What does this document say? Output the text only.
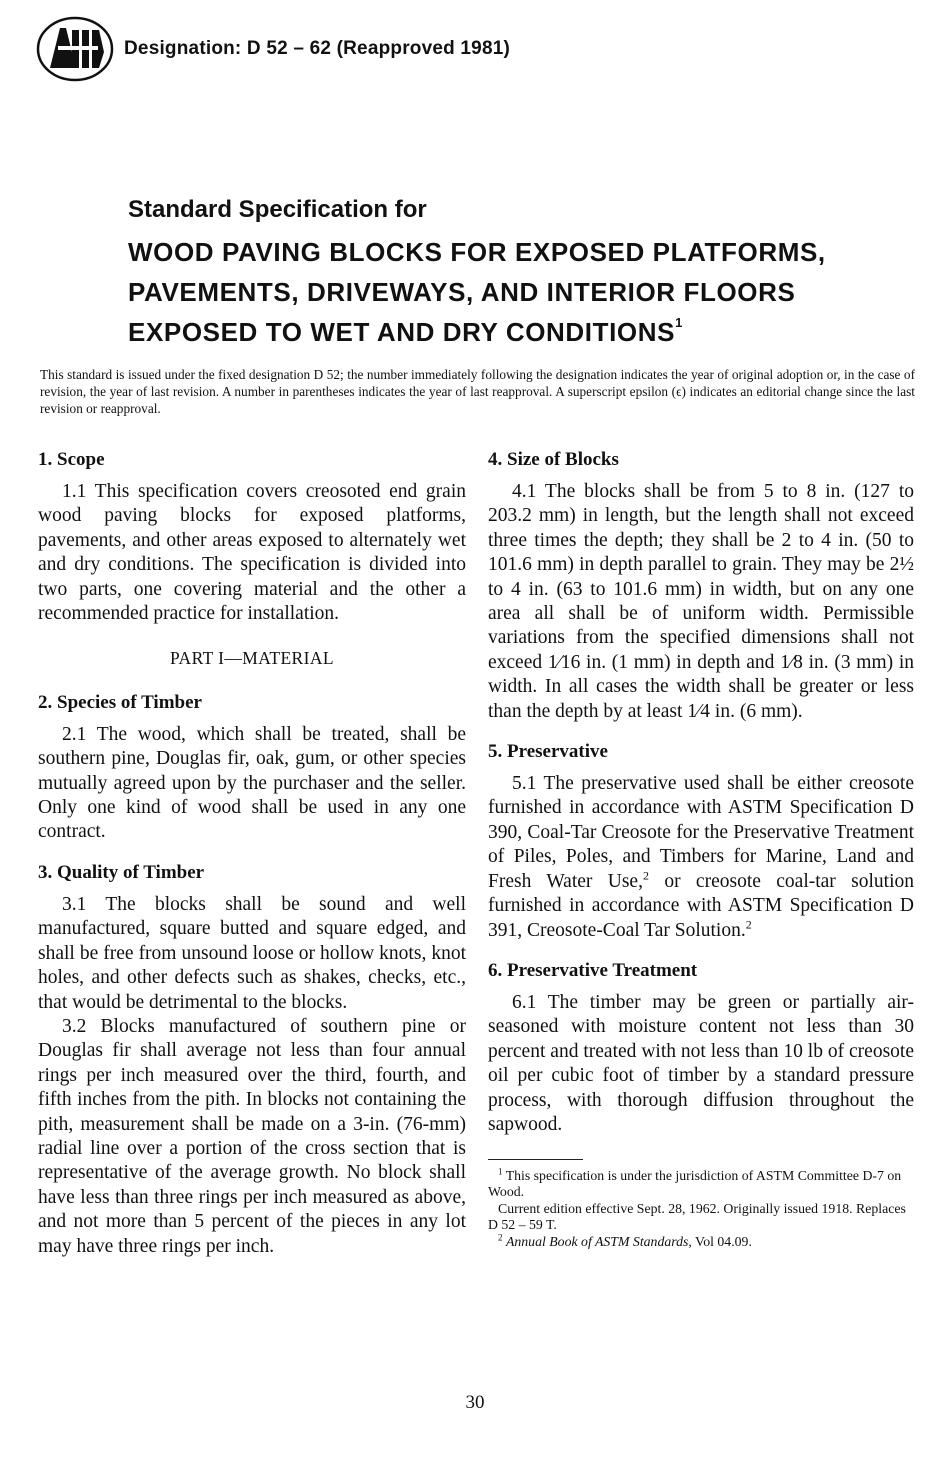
Designation: D 52 – 62 (Reapproved 1981)

Standard Specification for

WOOD PAVING BLOCKS FOR EXPOSED PLATFORMS,
PAVEMENTS, DRIVEWAYS, AND INTERIOR FLOORS
EXPOSED TO WET AND DRY CONDITIONS$^1$

This standard is issued under the fixed designation D 52; the number immediately following the designation indicates the year of original adoption or, in the case of revision, the year of last revision. A number in parentheses indicates the year of last reapproval. A superscript epsilon (ϵ) indicates an editorial change since the last revision or reapproval.

1. Scope

1.1 This specification covers creosoted end grain wood paving blocks for exposed platforms, pavements, and other areas exposed to alternately wet and dry conditions. The specification is divided into two parts, one covering material and the other a recommended practice for installation.

PART I—MATERIAL

2. Species of Timber

2.1 The wood, which shall be treated, shall be southern pine, Douglas fir, oak, gum, or other species mutually agreed upon by the purchaser and the seller. Only one kind of wood shall be used in any one contract.

3. Quality of Timber

3.1 The blocks shall be sound and well manufactured, square butted and square edged, and shall be free from unsound loose or hollow knots, knot holes, and other defects such as shakes, checks, etc., that would be detrimental to the blocks.

3.2 Blocks manufactured of southern pine or Douglas fir shall average not less than four annual rings per inch measured over the third, fourth, and fifth inches from the pith. In blocks not containing the pith, measurement shall be made on a 3-in. (76-mm) radial line over a portion of the cross section that is representative of the average growth. No block shall have less than three rings per inch measured as above, and not more than 5 percent of the pieces in any lot may have three rings per inch.

4. Size of Blocks

4.1 The blocks shall be from 5 to 8 in. (127 to 203.2 mm) in length, but the length shall not exceed three times the depth; they shall be 2 to 4 in. (50 to 101.6 mm) in depth parallel to grain. They may be 2½ to 4 in. (63 to 101.6 mm) in width, but on any one area all shall be of uniform width. Permissible variations from the specified dimensions shall not exceed 1⁄16 in. (1 mm) in depth and 1⁄8 in. (3 mm) in width. In all cases the width shall be greater or less than the depth by at least 1⁄4 in. (6 mm).

5. Preservative

5.1 The preservative used shall be either creosote furnished in accordance with ASTM Specification D 390, Coal-Tar Creosote for the Preservative Treatment of Piles, Poles, and Timbers for Marine, Land and Fresh Water Use,$^2$ or creosote coal-tar solution furnished in accordance with ASTM Specification D 391, Creosote-Coal Tar Solution.$^2$

6. Preservative Treatment

6.1 The timber may be green or partially air-seasoned with moisture content not less than 30 percent and treated with not less than 10 lb of creosote oil per cubic foot of timber by a standard pressure process, with thorough diffusion throughout the sapwood.

$^1$ This specification is under the jurisdiction of ASTM Committee D-7 on Wood.

Current edition effective Sept. 28, 1962. Originally issued 1918. Replaces D 52 – 59 T.

$^2$ Annual Book of ASTM Standards, Vol 04.09.

30
